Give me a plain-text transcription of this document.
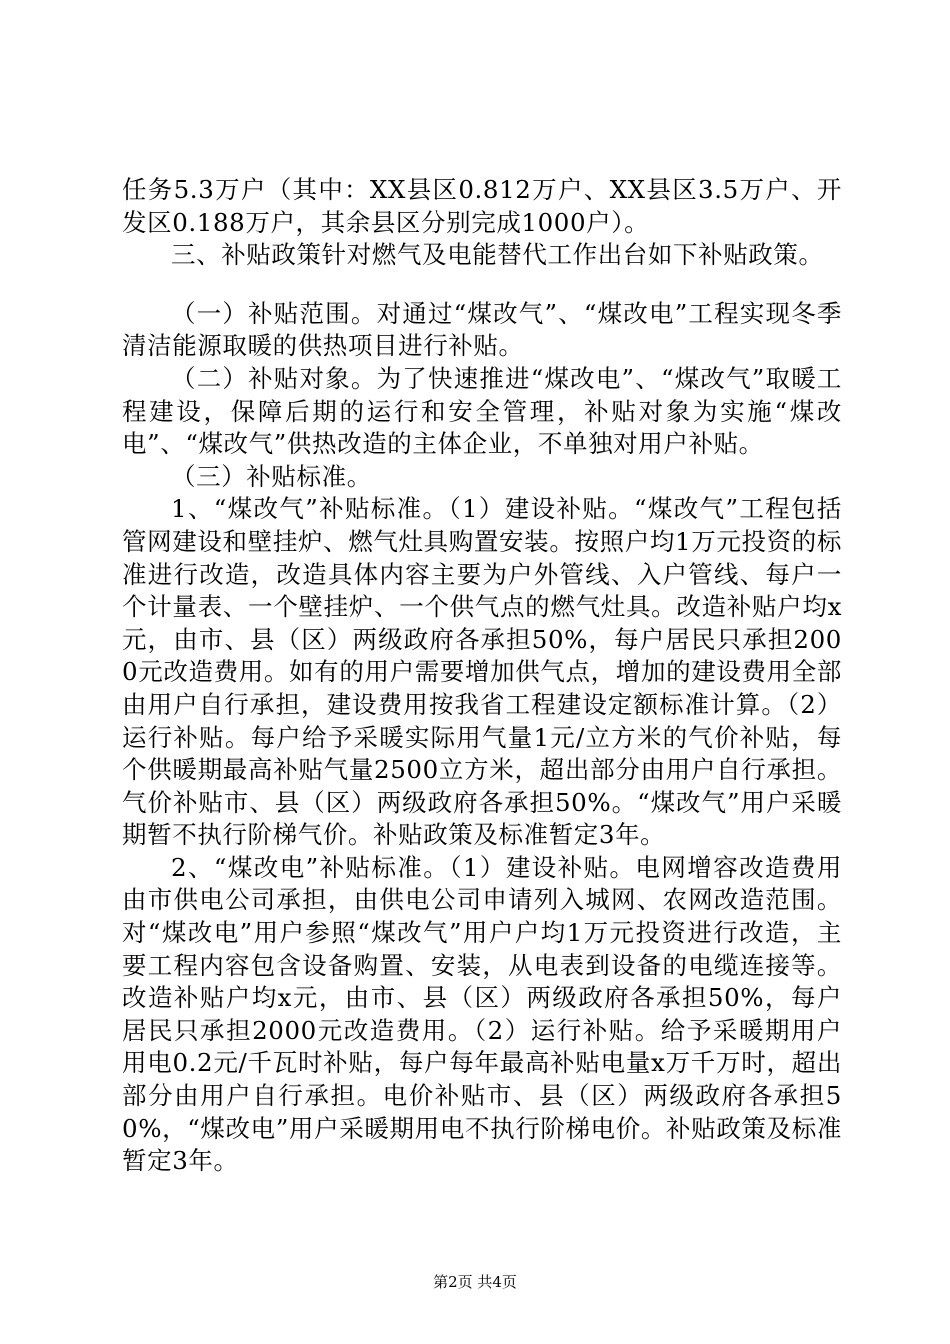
任务5.3万户（其中：XX县区0.812万户、XX县区3.5万户、开发区0.188万户，其余县区分别完成1000户）。

三、补贴政策针对燃气及电能替代工作出台如下补贴政策。

（一）补贴范围。对通过“煤改气”、“煤改电”工程实现冬季清洁能源取暖的供热项目进行补贴。

（二）补贴对象。为了快速推进“煤改电”、“煤改气”取暖工程建设，保障后期的运行和安全管理，补贴对象为实施“煤改电”、“煤改气”供热改造的主体企业，不单独对用户补贴。

（三）补贴标准。

1、“煤改气”补贴标准。（1）建设补贴。“煤改气”工程包括管网建设和壁挂炉、燃气灶具购置安装。按照户均1万元投资的标准进行改造，改造具体内容主要为户外管线、入户管线、每户一个计量表、一个壁挂炉、一个供气点的燃气灶具。改造补贴户均x元，由市、县（区）两级政府各承担50%，每户居民只承担2000元改造费用。如有的用户需要增加供气点，增加的建设费用全部由用户自行承担，建设费用按我省工程建设定额标准计算。（2）运行补贴。每户给予采暖实际用气量1元/立方米的气价补贴，每个供暖期最高补贴气量2500立方米，超出部分由用户自行承担。气价补贴市、县（区）两级政府各承担50%。“煤改气”用户采暖期暂不执行阶梯气价。补贴政策及标准暂定3年。

2、“煤改电”补贴标准。（1）建设补贴。电网增容改造费用由市供电公司承担，由供电公司申请列入城网、农网改造范围。对“煤改电”用户参照“煤改气”用户户均1万元投资进行改造，主要工程内容包含设备购置、安装，从电表到设备的电缆连接等。改造补贴户均x元，由市、县（区）两级政府各承担50%，每户居民只承担2000元改造费用。（2）运行补贴。给予采暖期用户用电0.2元/千瓦时补贴，每户每年最高补贴电量x万千万时，超出部分由用户自行承担。电价补贴市、县（区）两级政府各承担50%，“煤改电”用户采暖期用电不执行阶梯电价。补贴政策及标准暂定3年。

第2页 共4页
